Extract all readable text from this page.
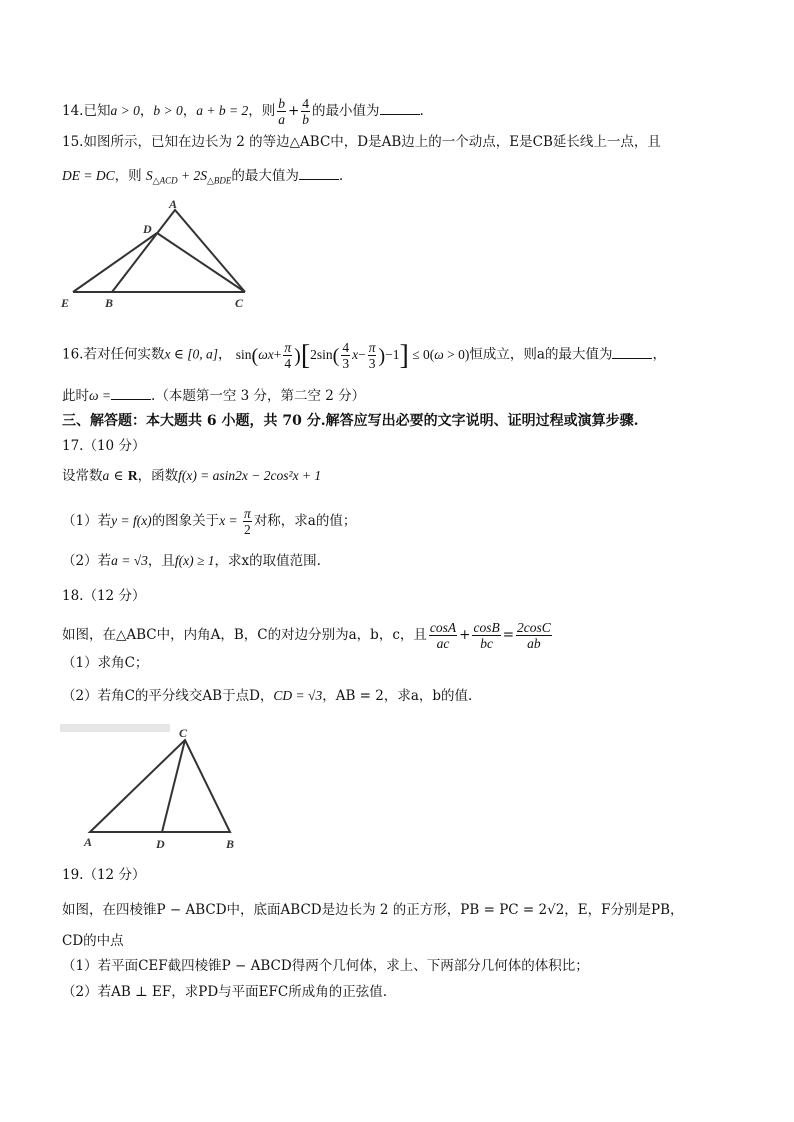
14.已知a > 0，b > 0，a + b = 2，则 $\frac{b}{a} + \frac{4}{b}$ 的最小值为	.
15.如图所示，已知在边长为 2 的等边△ABC中，D是AB边上的一个动点，E是CB延长线上一点，且
DE = DC，则 $S_{\triangle ACD} + 2S_{\triangle BDE}$的最大值为	.
A
D
E	B	C
16.若对任何实数x ∈ [0, a]， $\sin(\omega x+ \frac{\pi}{4} )[2\sin( \frac{4}{3} x- \frac{\pi}{3} )-1] \le 0(\omega > 0)$恒成立，则a的最大值为	，
此时ω =	.（本题第一空 3 分，第二空 2 分）
三、解答题：本大题共 6 小题，共 70 分.解答应写出必要的文字说明、证明过程或演算步骤.
17.（10 分）
设常数a ∈ R，函数f(x) = asin2x − 2cos²x + 1
（1）若y = f(x)的图象关于$x = \frac{\pi}{2}$ 对称，求a的值；
（2）若a = √3，且f(x) ≥ 1，求x的取值范围.
18.（12 分）
如图，在△ABC中，内角A，B，C的对边分别为a，b，c，且 $\frac{\cos A}{ac} + \frac{\cos B}{bc} = \frac{2\cos C}{ab}$
（1）求角C；
（2）若角C的平分线交AB于点D，CD = √3，AB = 2，求a，b的值.
C
A	D	B
19.（12 分）
如图，在四棱锥P − ABCD中，底面ABCD是边长为 2 的正方形，PB = PC = 2√2，E，F分别是PB，
CD的中点
（1）若平面CEF截四棱锥P − ABCD得两个几何体，求上、下两部分几何体的体积比；
（2）若AB ⊥ EF，求PD与平面EFC所成角的正弦值.
